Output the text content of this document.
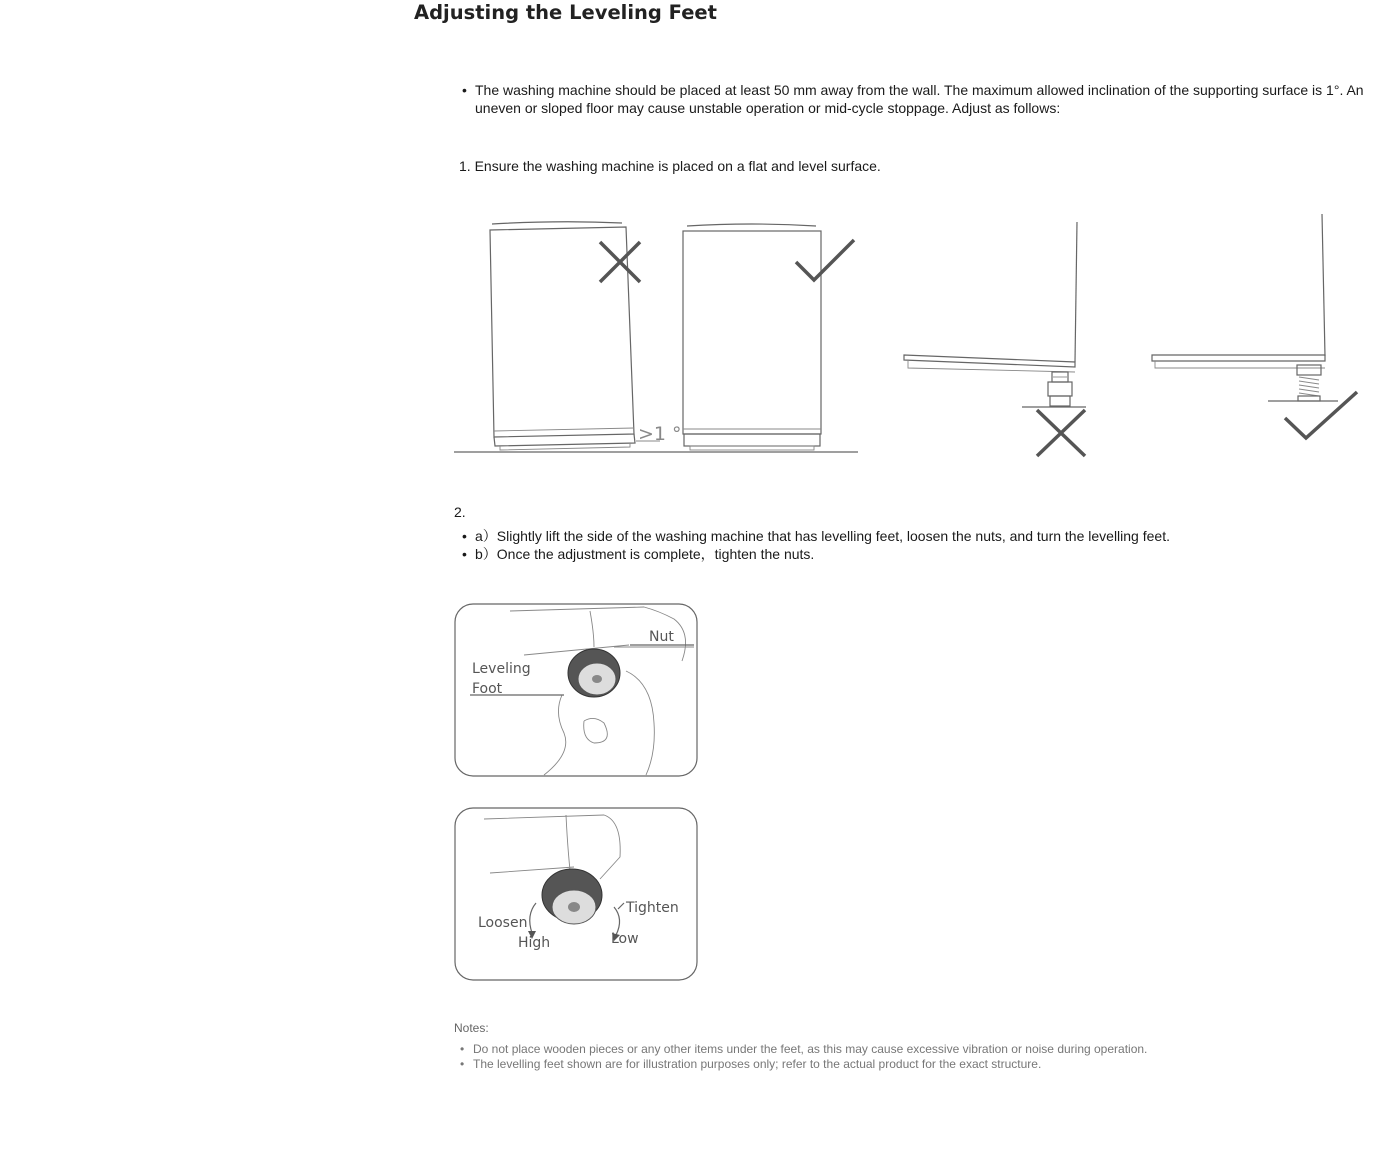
Adjusting the Leveling Feet
• The washing machine should be placed at least 50 mm away from the wall. The maximum allowed inclination of the supporting surface is 1°. An uneven or sloped floor may cause unstable operation or mid-cycle stoppage. Adjust as follows:
1. Ensure the washing machine is placed on a flat and level surface.
>1 °
2.
• a）Slightly lift the side of the washing machine that has levelling feet, loosen the nuts, and turn the levelling feet.
• b）Once the adjustment is complete，tighten the nuts.
Nut
Leveling
Foot
Loosen
High
Tighten
Low
Notes:
• Do not place wooden pieces or any other items under the feet, as this may cause excessive vibration or noise during operation.
• The levelling feet shown are for illustration purposes only; refer to the actual product for the exact structure.
